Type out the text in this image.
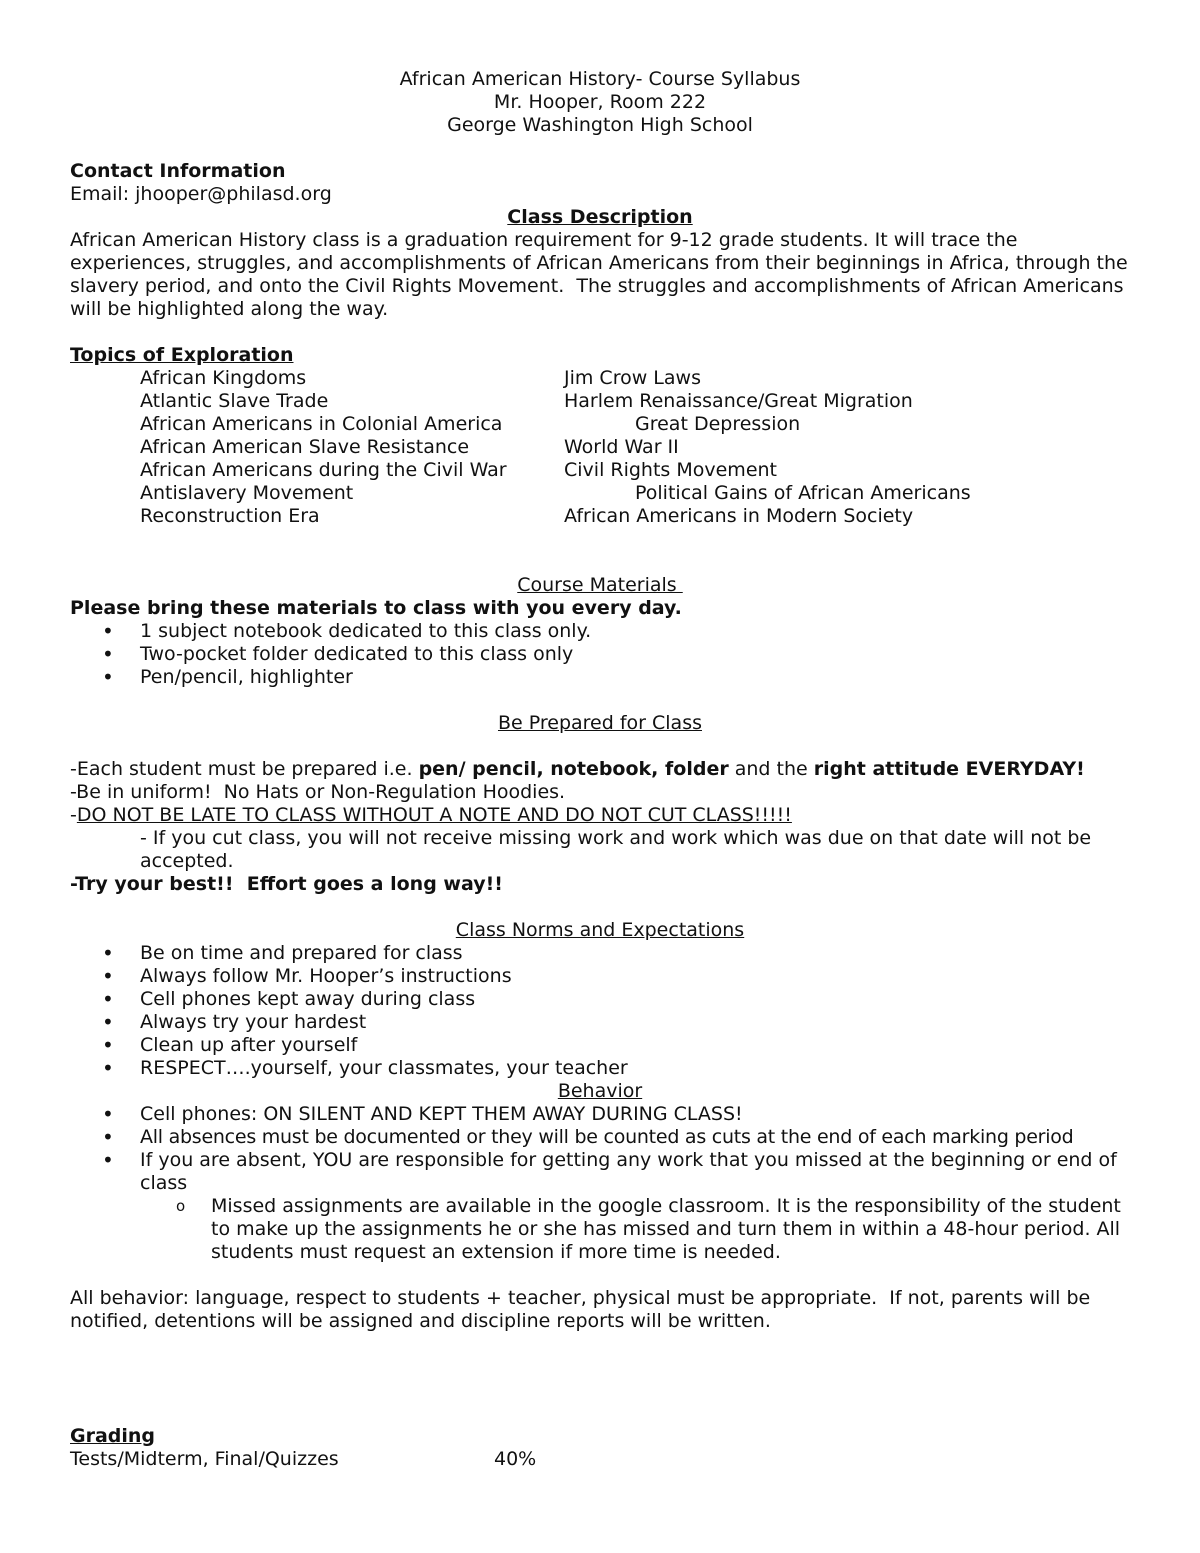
African American History- Course Syllabus
Mr. Hooper, Room 222
George Washington High School
Contact Information
Email: jhooper@philasd.org
Class Description
African American History class is a graduation requirement for 9-12 grade students. It will trace the experiences, struggles, and accomplishments of African Americans from their beginnings in Africa, through the   slavery period, and onto the Civil Rights Movement.  The struggles and accomplishments of African Americans will be highlighted along the way.
Topics of Exploration
African Kingdoms
Atlantic Slave Trade
African Americans in Colonial America
African American Slave Resistance
African Americans during the Civil War
Antislavery Movement
Reconstruction Era
Jim Crow Laws
Harlem Renaissance/Great Migration
Great Depression
World War II
Civil Rights Movement
Political Gains of African Americans
African Americans in Modern Society
Course Materials
Please bring these materials to class with you every day.
• 1 subject notebook dedicated to this class only.
• Two-pocket folder dedicated to this class only
• Pen/pencil, highlighter
Be Prepared for Class
-Each student must be prepared i.e. pen/ pencil, notebook, folder and the right attitude EVERYDAY!
-Be in uniform!  No Hats or Non-Regulation Hoodies.
-DO NOT BE LATE TO CLASS WITHOUT A NOTE AND DO NOT CUT CLASS!!!!!
- If you cut class, you will not receive missing work and work which was due on that date will not be accepted.
-Try your best!!  Effort goes a long way!!
Class Norms and Expectations
• Be on time and prepared for class
• Always follow Mr. Hooper’s instructions
• Cell phones kept away during class
• Always try your hardest
• Clean up after yourself
• RESPECT….yourself, your classmates, your teacher
Behavior
• Cell phones: ON SILENT AND KEPT THEM AWAY DURING CLASS!
• All absences must be documented or they will be counted as cuts at the end of each marking period
• If you are absent, YOU are responsible for getting any work that you missed at the beginning or end of class
o Missed assignments are available in the google classroom. It is the responsibility of the student to make up the assignments he or she has missed and turn them in within a 48-hour period. All students must request an extension if more time is needed.
All behavior: language, respect to students + teacher, physical must be appropriate.  If not, parents will be notified, detentions will be assigned and discipline reports will be written.
Grading
Tests/Midterm, Final/Quizzes	40%
